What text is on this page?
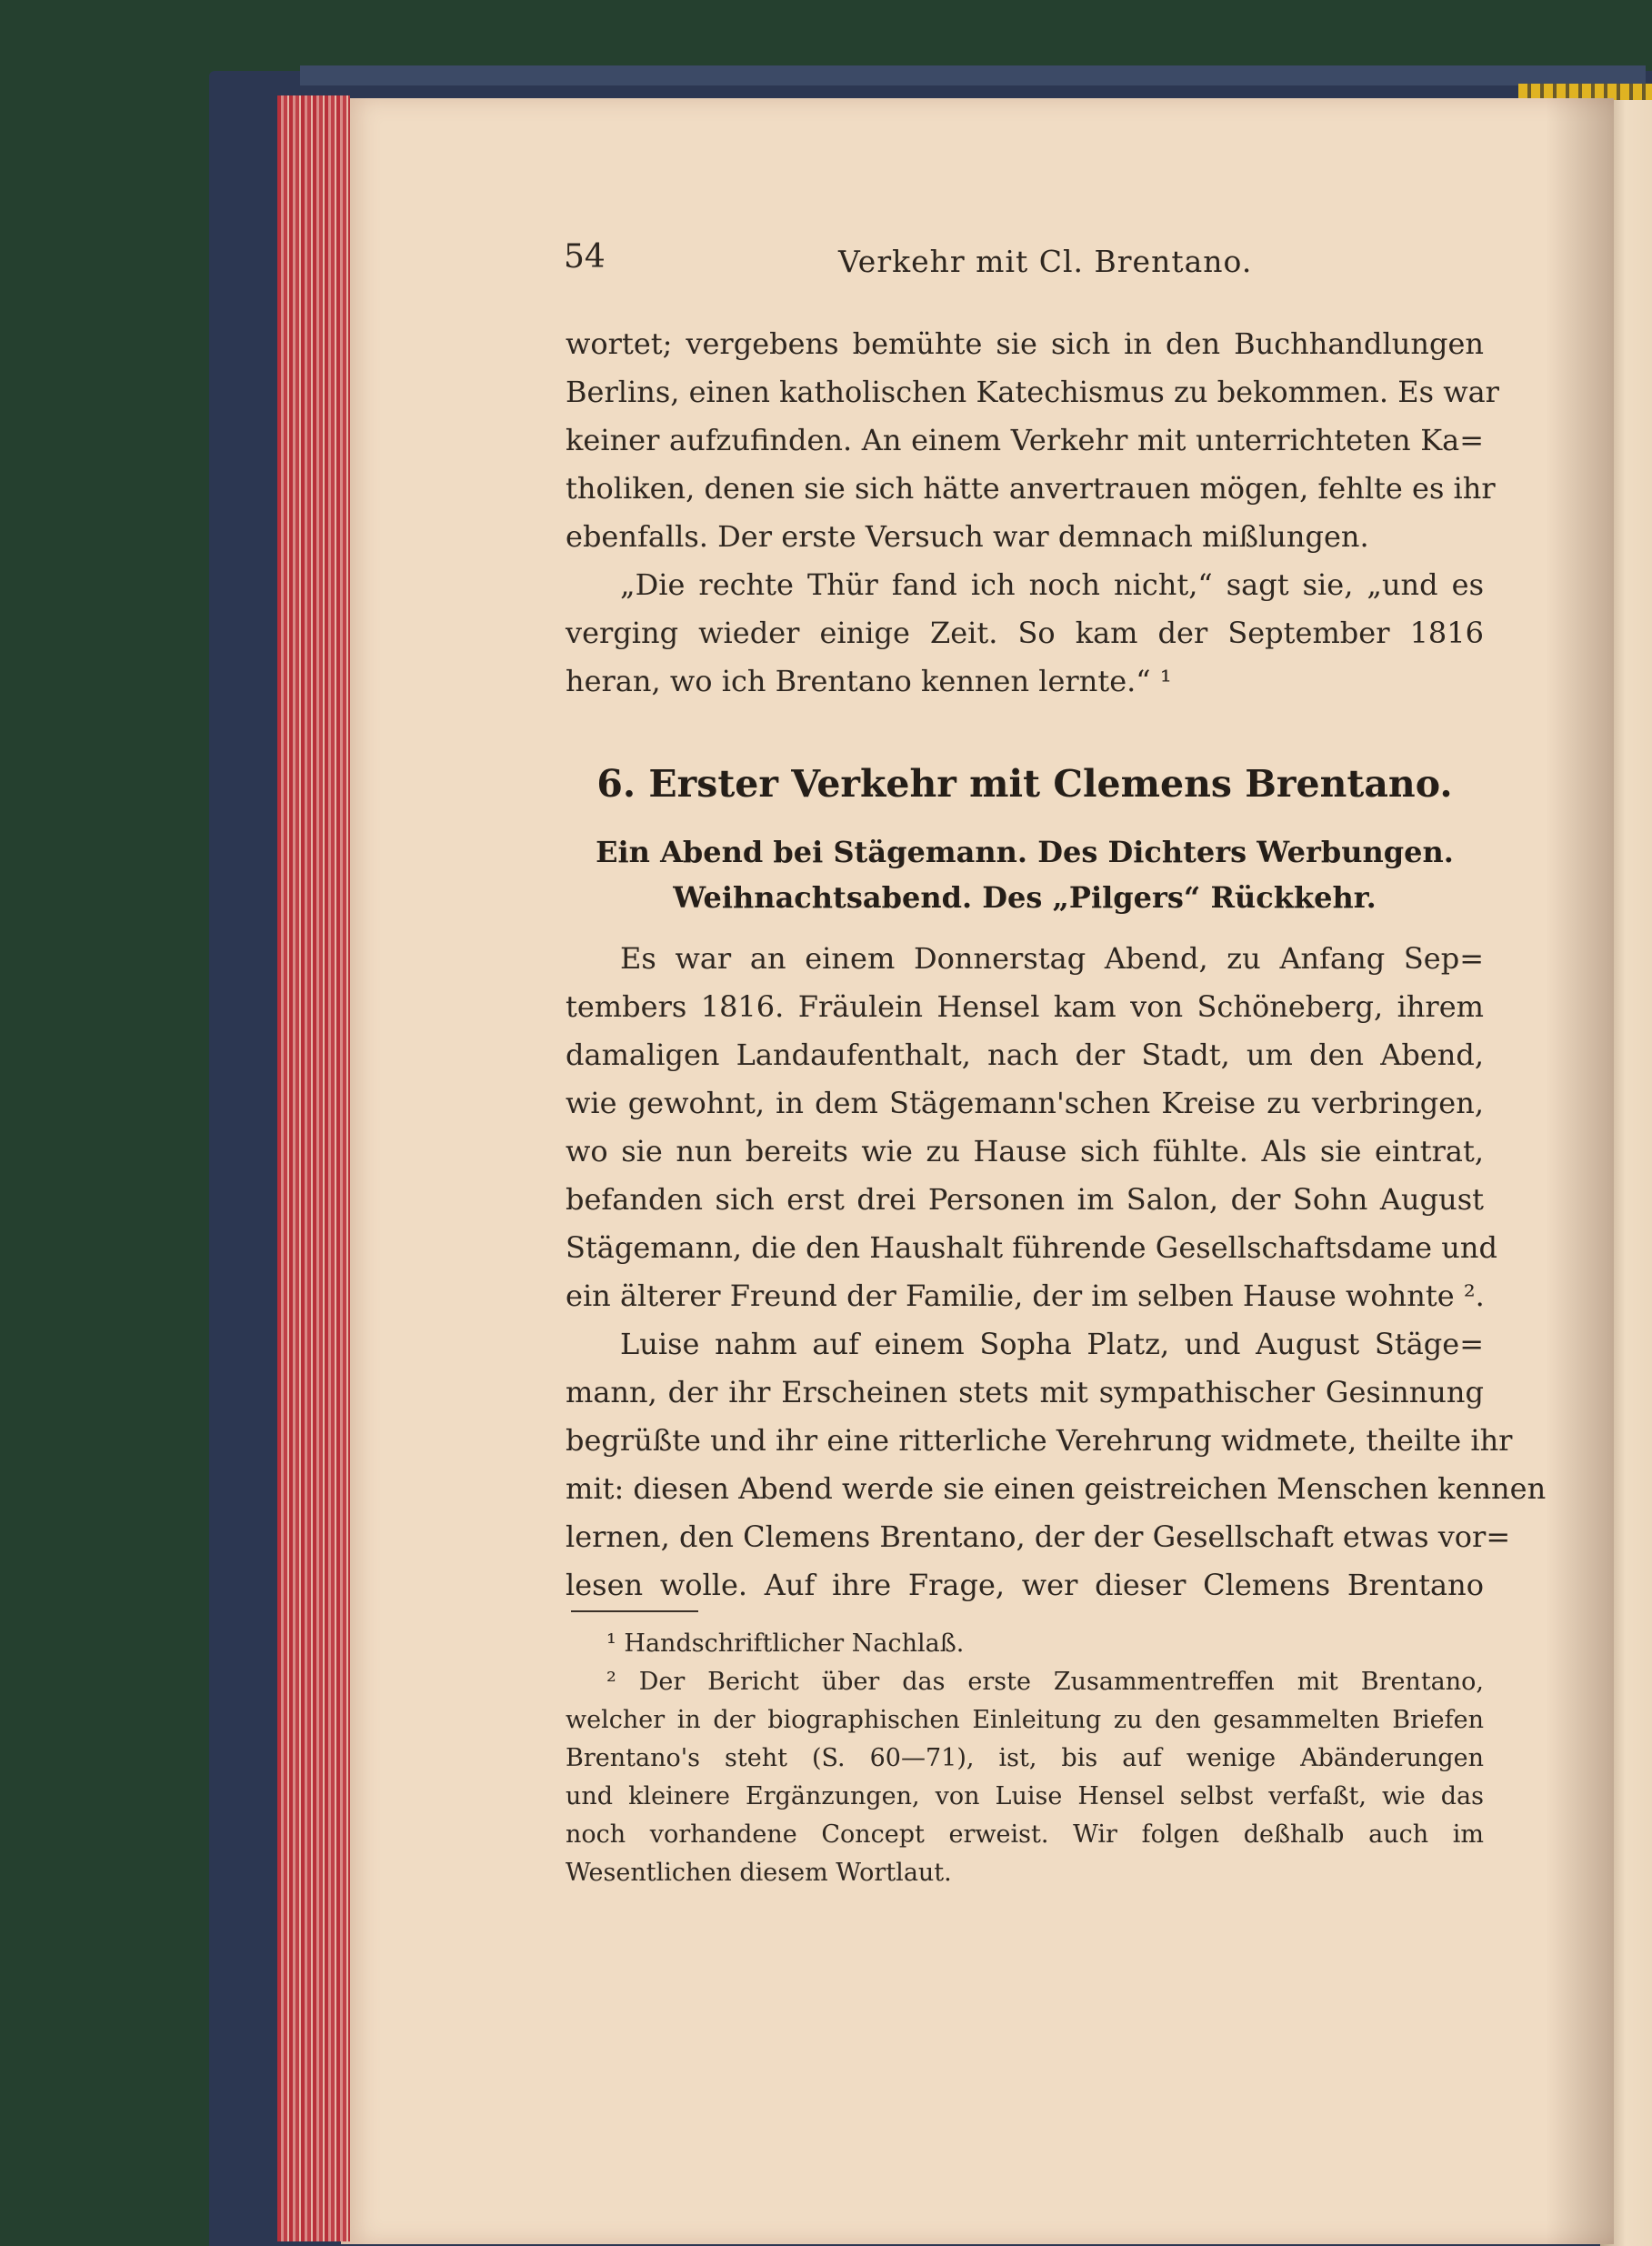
54	Verkehr mit Cl. Brentano.
wortet; vergebens bemühte sie sich in den Buchhandlungen
Berlins, einen katholischen Katechismus zu bekommen. Es war
keiner aufzufinden. An einem Verkehr mit unterrichteten Ka=
tholiken, denen sie sich hätte anvertrauen mögen, fehlte es ihr
ebenfalls. Der erste Versuch war demnach mißlungen.
„Die rechte Thür fand ich noch nicht,“ sagt sie, „und es
verging wieder einige Zeit. So kam der September 1816
heran, wo ich Brentano kennen lernte.“ ¹
6. Erster Verkehr mit Clemens Brentano.
Ein Abend bei Stägemann. Des Dichters Werbungen.
Weihnachtsabend. Des „Pilgers“ Rückkehr.
Es war an einem Donnerstag Abend, zu Anfang Sep=
tembers 1816. Fräulein Hensel kam von Schöneberg, ihrem
damaligen Landaufenthalt, nach der Stadt, um den Abend,
wie gewohnt, in dem Stägemann'schen Kreise zu verbringen,
wo sie nun bereits wie zu Hause sich fühlte. Als sie eintrat,
befanden sich erst drei Personen im Salon, der Sohn August
Stägemann, die den Haushalt führende Gesellschaftsdame und
ein älterer Freund der Familie, der im selben Hause wohnte ².
Luise nahm auf einem Sopha Platz, und August Stäge=
mann, der ihr Erscheinen stets mit sympathischer Gesinnung
begrüßte und ihr eine ritterliche Verehrung widmete, theilte ihr
mit: diesen Abend werde sie einen geistreichen Menschen kennen
lernen, den Clemens Brentano, der der Gesellschaft etwas vor=
lesen wolle. Auf ihre Frage, wer dieser Clemens Brentano
¹ Handschriftlicher Nachlaß.
² Der Bericht über das erste Zusammentreffen mit Brentano,
welcher in der biographischen Einleitung zu den gesammelten Briefen
Brentano's steht (S. 60—71), ist, bis auf wenige Abänderungen
und kleinere Ergänzungen, von Luise Hensel selbst verfaßt, wie das
noch vorhandene Concept erweist. Wir folgen deßhalb auch im
Wesentlichen diesem Wortlaut.
